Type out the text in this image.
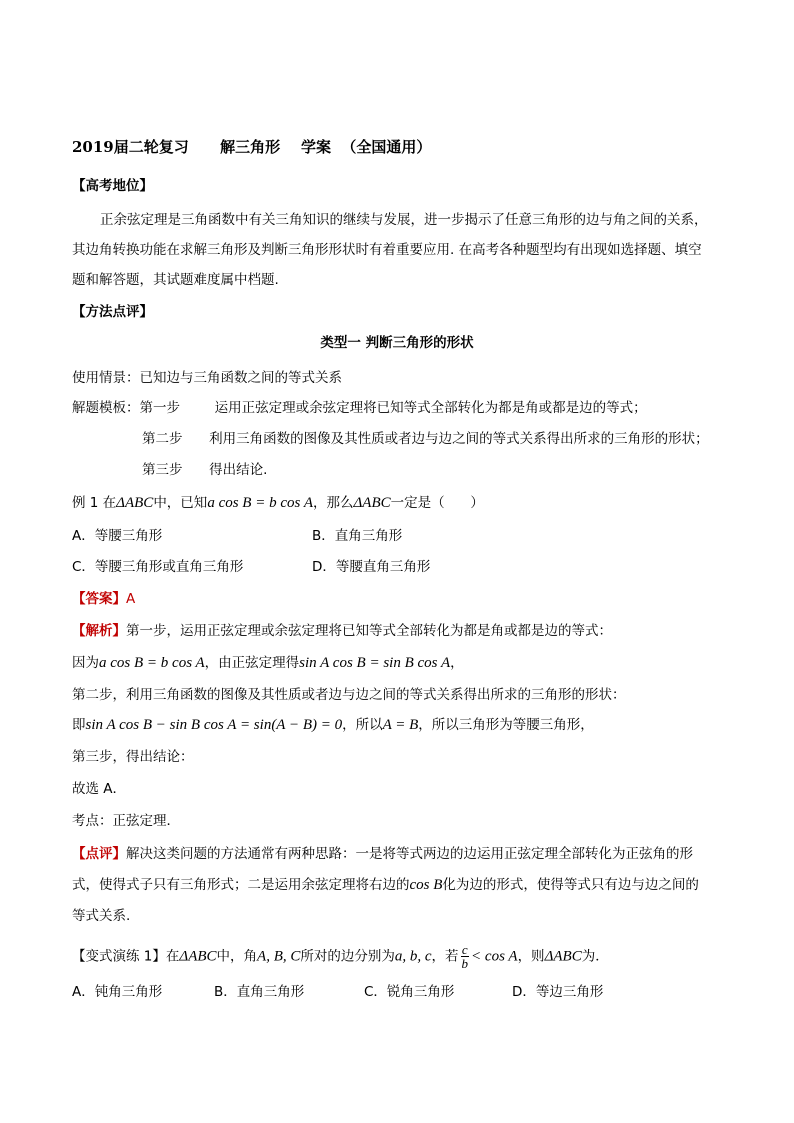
2019届二轮复习      解三角形    学案  （全国通用）
【高考地位】
正余弦定理是三角函数中有关三角知识的继续与发展，进一步揭示了任意三角形的边与角之间的关系，
其边角转换功能在求解三角形及判断三角形形状时有着重要应用. 在高考各种题型均有出现如选择题、填空
题和解答题，其试题难度属中档题.
【方法点评】
类型一 判断三角形的形状
使用情景：已知边与三角函数之间的等式关系
解题模板：第一步	运用正弦定理或余弦定理将已知等式全部转化为都是角或都是边的等式；
第二步 利用三角函数的图像及其性质或者边与边之间的等式关系得出所求的三角形的形状；
第三步 得出结论.
例 1 在ΔABC中，已知a cos B = b cos A，那么ΔABC一定是（      ）
A．等腰三角形	B．直角三角形
C．等腰三角形或直角三角形	D．等腰直角三角形
【答案】A
【解析】第一步，运用正弦定理或余弦定理将已知等式全部转化为都是角或都是边的等式：
因为a cos B = b cos A，由正弦定理得sin A cos B = sin B cos A，
第二步，利用三角函数的图像及其性质或者边与边之间的等式关系得出所求的三角形的形状：
即sin A cos B − sin B cos A = sin(A − B) = 0，所以A = B，所以三角形为等腰三角形，
第三步，得出结论：
故选 A．
考点：正弦定理．
【点评】解决这类问题的方法通常有两种思路：一是将等式两边的边运用正弦定理全部转化为正弦角的形
式，使得式子只有三角形式；二是运用余弦定理将右边的cos B化为边的形式，使得等式只有边与边之间的
等式关系.
【变式演练 1】在ΔABC中，角A, B, C所对的边分别为a, b, c，若 $\frac{c}{b} < \cos A$，则ΔABC为．
A．钝角三角形	B．直角三角形	C．锐角三角形	D．等边三角形
